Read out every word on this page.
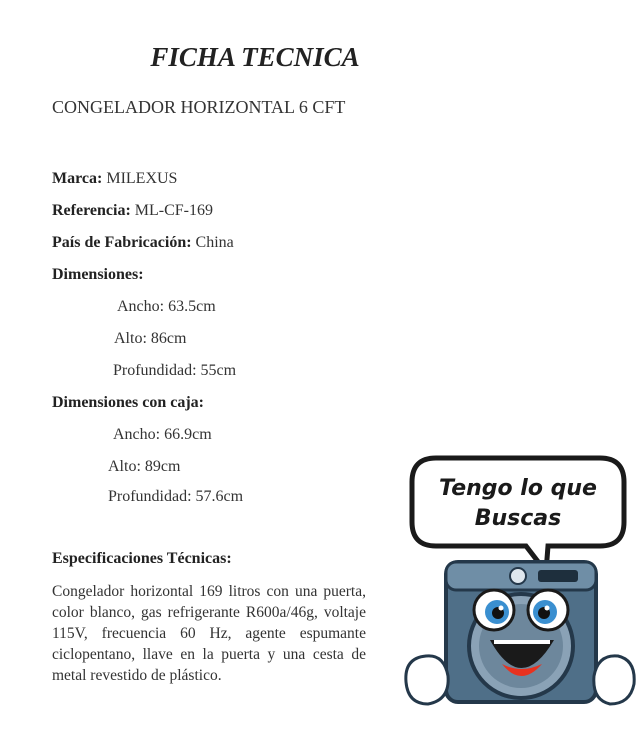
FICHA TECNICA
CONGELADOR HORIZONTAL 6 CFT
Marca: MILEXUS
Referencia: ML-CF-169
País de Fabricación: China
Dimensiones:
Ancho: 63.5cm
Alto: 86cm
Profundidad: 55cm
Dimensiones con caja:
Ancho: 66.9cm
Alto: 89cm
Profundidad: 57.6cm
Especificaciones Técnicas:
Congelador horizontal 169 litros con una puerta, color blanco, gas refrigerante R600a/46g, voltaje 115V, frecuencia 60 Hz, agente espumante ciclopentano, llave en la puerta y una cesta de metal revestido de plástico.
Tengo lo que
Buscas
